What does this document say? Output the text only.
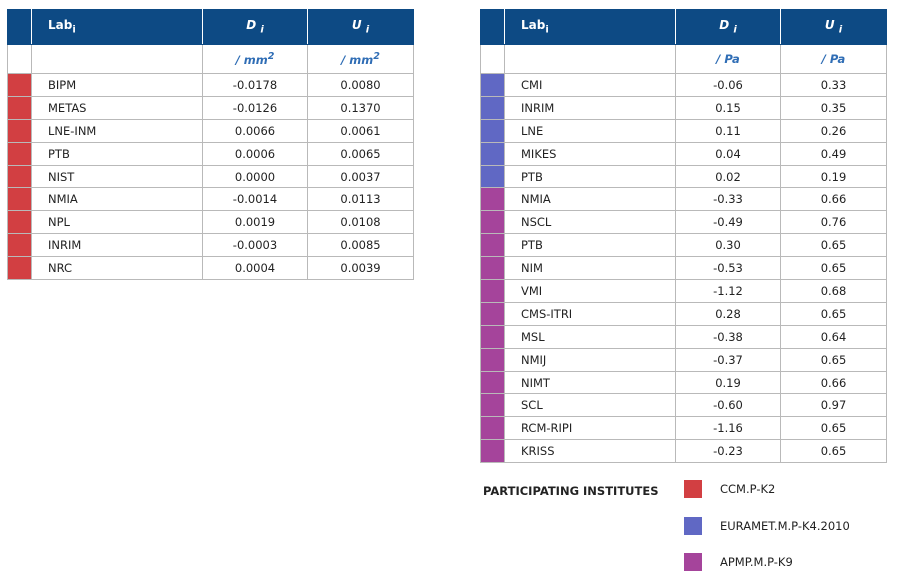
	Lab$_i$	D $_i$	U $_i$
		/ $mm^2$	/ $mm^2$
	BIPM	-0.0178	0.0080
	METAS	-0.0126	0.1370
	LNE-INM	0.0066	0.0061
	PTB	0.0006	0.0065
	NIST	0.0000	0.0037
	NMIA	-0.0014	0.0113
	NPL	0.0019	0.0108
	INRIM	-0.0003	0.0085
	NRC	0.0004	0.0039
	Lab$_i$	D $_i$	U $_i$
		/ Pa	/ Pa
	CMI	-0.06	0.33
	INRIM	0.15	0.35
	LNE	0.11	0.26
	MIKES	0.04	0.49
	PTB	0.02	0.19
	NMIA	-0.33	0.66
	NSCL	-0.49	0.76
	PTB	0.30	0.65
	NIM	-0.53	0.65
	VMI	-1.12	0.68
	CMS-ITRI	0.28	0.65
	MSL	-0.38	0.64
	NMIJ	-0.37	0.65
	NIMT	0.19	0.66
	SCL	-0.60	0.97
	RCM-RIPI	-1.16	0.65
	KRISS	-0.23	0.65
PARTICIPATING INSTITUTES	CCM.P-K2
EURAMET.M.P-K4.2010
APMP.M.P-K9
